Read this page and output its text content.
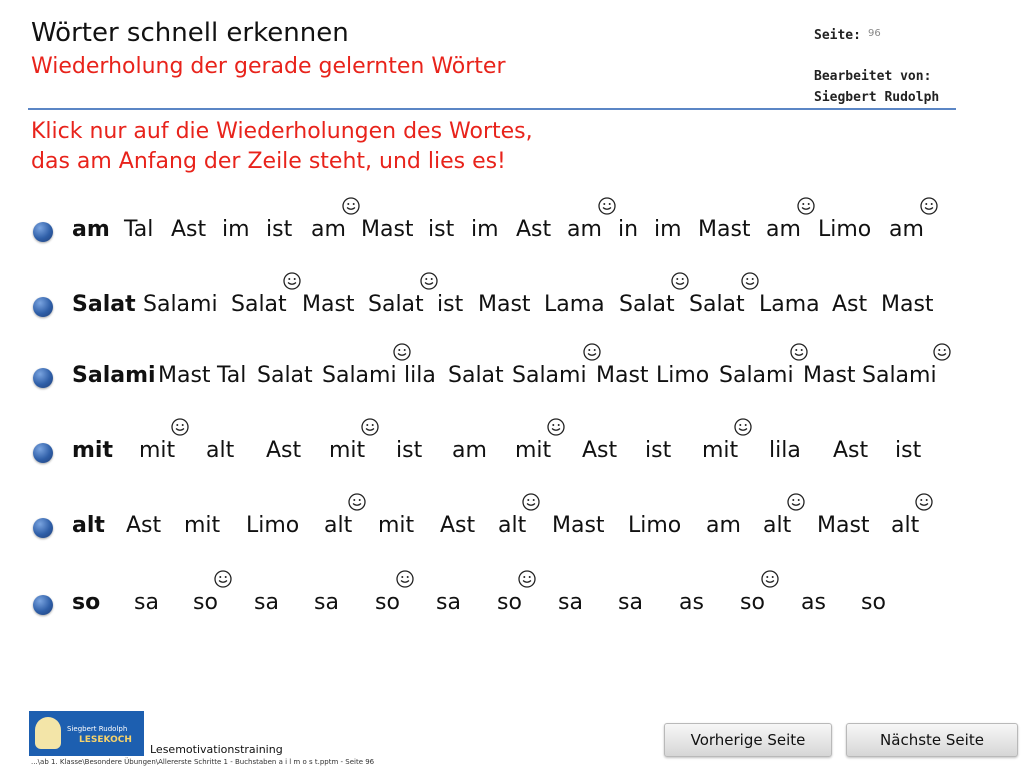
Wörter schnell erkennen
Wiederholung der gerade gelernten Wörter
Seite: 96
Bearbeitet von:
Siegbert Rudolph
Klick nur auf die Wiederholungen des Wortes,
das am Anfang der Zeile steht, und lies es!
am Tal Ast im ist am Mast ist im Ast am in im Mast am Limo am
Salat Salami Salat Mast Salat ist Mast Lama Salat Salat Lama Ast Mast
Salami Mast Tal Salat Salami lila Salat Salami Mast Limo Salami Mast Salami
mit mit alt Ast mit ist am mit Ast ist mit lila Ast ist
alt Ast mit Limo alt mit Ast alt Mast Limo am alt Mast alt
so sa so sa sa so sa so sa sa as so as so
Siegbert Rudolph
LESEKOCH
Lesemotivationstraining
...\ab 1. Klasse\Besondere Übungen\Allererste Schritte 1 - Buchstaben a i l m o s t.pptm - Seite 96
Vorherige Seite	Nächste Seite
